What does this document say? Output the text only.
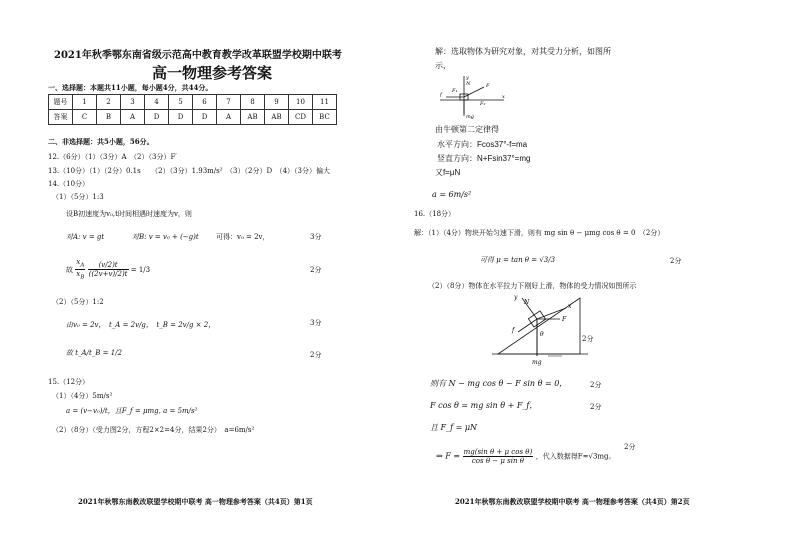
2021年秋季鄂东南省级示范高中教育教学改革联盟学校期中联考
高一物理参考答案
一、选择题：本题共11小题，每小题4分，共44分。
题号	1	2	3	4	5	6	7	8	9	10	11
答案	C	B	A	D	D	D	A	AB	AB	CD	BC
二、非选择题：共5小题，56分。
12.（6分）（1）（3分）A　（2）（3分）F′
13.（10分）（1）（2分）0.1s　　（2）（3分）1.93m/s²　（3）（2分）D　（4）（3分）偏大
14.（10分）
（1）（5分）1:3
设B初速度为v₀,t时间相遇时速度为v，则
对A: v = gt	对B: v = v₀ + (−g)t 可得：v₀ = 2v，	3分
故 $\frac{x_A}{x_B}$
$\frac{(v/2)t}{((2v+v)/2)t} = 1/3$	2分
（2）（5分）1:2
由v₀ = 2v，　t_A = 2v/g，　t_B = 2v/g × 2，	3分
故 t_A/t_B = 1/2	2分
15.（12分）
（1）（4分）5m/s²
a = (v−v₀)/t，且F_f = μmg, a = 5m/s²
（2）（8分）（受力图2分，方程2×2=4分，结果2分）　a=6m/s²
2021年秋鄂东南教改联盟学校期中联考 高一物理参考答案（共4页）第1页
解：选取物体为研究对象，对其受力分析，如图所
示，
y
N	F
f	x
F₁
F₂
mg
由牛顿第二定律得
水平方向：Fcos37°-f=ma
竖直方向：N+Fsin37°=mg
又f=μN
a = 6m/s²
16.（18分）
解：（1）（4分）物块开始匀速下滑，则有 mg sin θ − μmg cos θ = 0　（2分）
可得 μ = tan θ = √3/3	2分
（2）（8分）物体在水平拉力下刚好上滑，物体的受力情况如图所示
y
N
x
f
F
θ
mg
2分
则有 N − mg cos θ − F sin θ = 0，	2分
F cos θ = mg sin θ + F_f，	2分
且 F_f = μN
⇒ $F = \frac{\text{mg(sin θ + μ cos θ)}}{\text{cos θ − μ sin θ}}$ ，代入数据得F=√3mg。
2分
2021年秋鄂东南教改联盟学校期中联考 高一物理参考答案（共4页）第2页
